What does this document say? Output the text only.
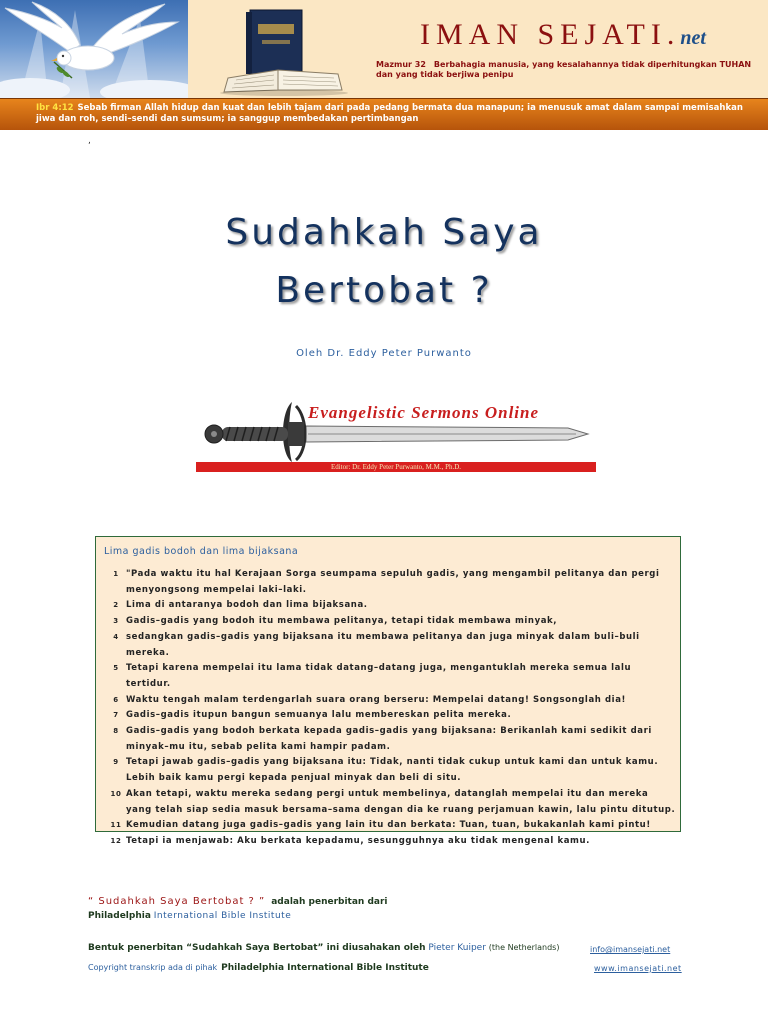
IMAN SEJATI.net
Mazmur 32 Berbahagia manusia, yang kesalahannya tidak diperhitungkan TUHAN dan yang tidak berjiwa penipu
Ibr 4:12 Sebab firman Allah hidup dan kuat dan lebih tajam dari pada pedang bermata dua manapun; ia menusuk amat dalam sampai memisahkan jiwa dan roh, sendi–sendi dan sumsum; ia sanggup membedakan pertimbangan
,
Sudahkah Saya
Bertobat ?
Oleh Dr. Eddy Peter Purwanto
Evangelistic Sermons Online
Editor: Dr. Eddy Peter Purwanto, M.M., Ph.D.
Lima gadis bodoh dan lima bijaksana
1 "Pada waktu itu hal Kerajaan Sorga seumpama sepuluh gadis, yang mengambil pelitanya dan pergi menyongsong mempelai laki–laki.
2 Lima di antaranya bodoh dan lima bijaksana.
3 Gadis–gadis yang bodoh itu membawa pelitanya, tetapi tidak membawa minyak,
4 sedangkan gadis–gadis yang bijaksana itu membawa pelitanya dan juga minyak dalam buli–buli mereka.
5 Tetapi karena mempelai itu lama tidak datang–datang juga, mengantuklah mereka semua lalu tertidur.
6 Waktu tengah malam terdengarlah suara orang berseru: Mempelai datang! Songsonglah dia!
7 Gadis–gadis itupun bangun semuanya lalu membereskan pelita mereka.
8 Gadis–gadis yang bodoh berkata kepada gadis–gadis yang bijaksana: Berikanlah kami sedikit dari minyak–mu itu, sebab pelita kami hampir padam.
9 Tetapi jawab gadis–gadis yang bijaksana itu: Tidak, nanti tidak cukup untuk kami dan untuk kamu. Lebih baik kamu pergi kepada penjual minyak dan beli di situ.
10 Akan tetapi, waktu mereka sedang pergi untuk membelinya, datanglah mempelai itu dan mereka yang telah siap sedia masuk bersama–sama dengan dia ke ruang perjamuan kawin, lalu pintu ditutup.
11 Kemudian datang juga gadis–gadis yang lain itu dan berkata: Tuan, tuan, bukakanlah kami pintu!
12 Tetapi ia menjawab: Aku berkata kepadamu, sesungguhnya aku tidak mengenal kamu.
“ Sudahkah Saya Bertobat ? ” adalah penerbitan dari
Philadelphia International Bible Institute
Bentuk penerbitan “Sudahkah Saya Bertobat” ini diusahakan oleh Pieter Kuiper (the Netherlands)	info@imansejati.net
Copyright transkrip ada di pihak Philadelphia International Bible Institute	www.imansejati.net
